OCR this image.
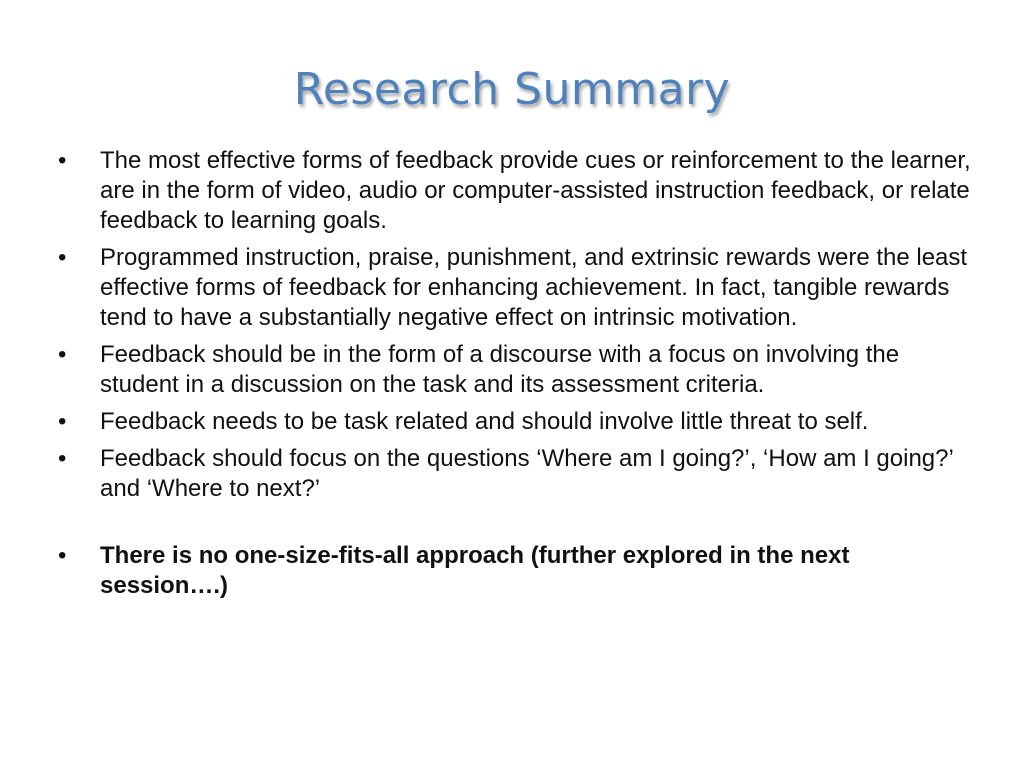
Research Summary
•	The most effective forms of feedback provide cues or reinforcement to the learner, are in the form of video, audio or computer-assisted instruction feedback, or relate feedback to learning goals.
•	Programmed instruction, praise, punishment, and extrinsic rewards were the least effective forms of feedback for enhancing achievement. In fact, tangible rewards tend to have a substantially negative effect on intrinsic motivation.
•	Feedback should be in the form of a discourse with a focus on involving the student in a discussion on the task and its assessment criteria.
•	Feedback needs to be task related and should involve little threat to self.
•	Feedback should focus on the questions ‘Where am I going?’, ‘How am I going?’ and ‘Where to next?’
•	There is no one-size-fits-all approach (further explored in the next session….)
